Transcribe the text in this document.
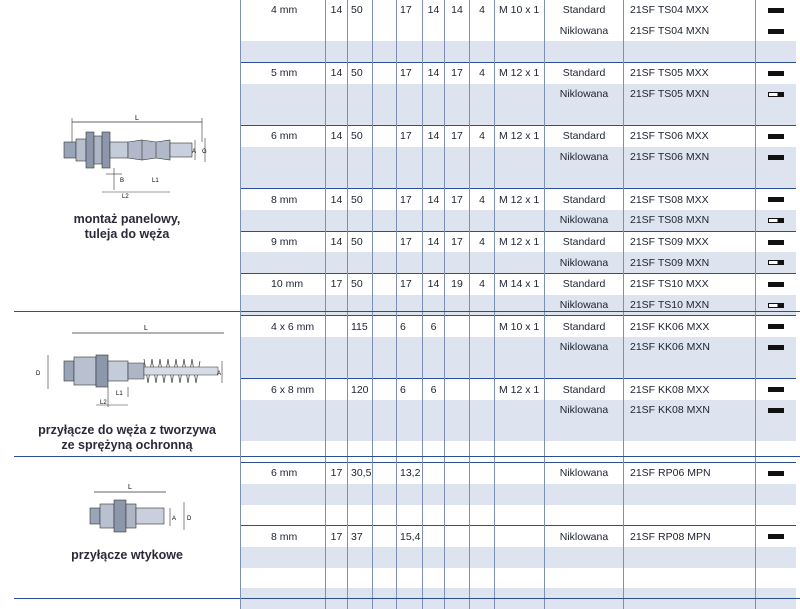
L
A G
B
L2
L1
montaż panelowy,
tuleja do węża
L
D	A
L1
L2
przyłącze do węża z tworzywa
ze sprężyną ochronną
L
A D
przyłącze wtykowe
4 mm	14	50		17	14	14	4	M 10 x 1	Standard	21SF TS04 MXX	
									Niklowana	21SF TS04 MXN	

5 mm	14	50		17	14	17	4	M 12 x 1	Standard	21SF TS05 MXX	
									Niklowana	21SF TS05 MXN	

6 mm	14	50		17	14	17	4	M 12 x 1	Standard	21SF TS06 MXX	
									Niklowana	21SF TS06 MXN	

8 mm	14	50		17	14	17	4	M 12 x 1	Standard	21SF TS08 MXX	
									Niklowana	21SF TS08 MXN	
9 mm	14	50		17	14	17	4	M 12 x 1	Standard	21SF TS09 MXX	
									Niklowana	21SF TS09 MXN	
10 mm	17	50		17	14	19	4	M 14 x 1	Standard	21SF TS10 MXX	
									Niklowana	21SF TS10 MXN	
4 x 6 mm		115		6	6			M 10 x 1	Standard	21SF KK06 MXX	
									Niklowana	21SF KK06 MXN	

6 x 8 mm		120		6	6			M 12 x 1	Standard	21SF KK08 MXX	
									Niklowana	21SF KK08 MXN	

6 mm	17	30,5		13,2					Niklowana	21SF RP06 MPN	

8 mm	17	37		15,4					Niklowana	21SF RP08 MPN	
